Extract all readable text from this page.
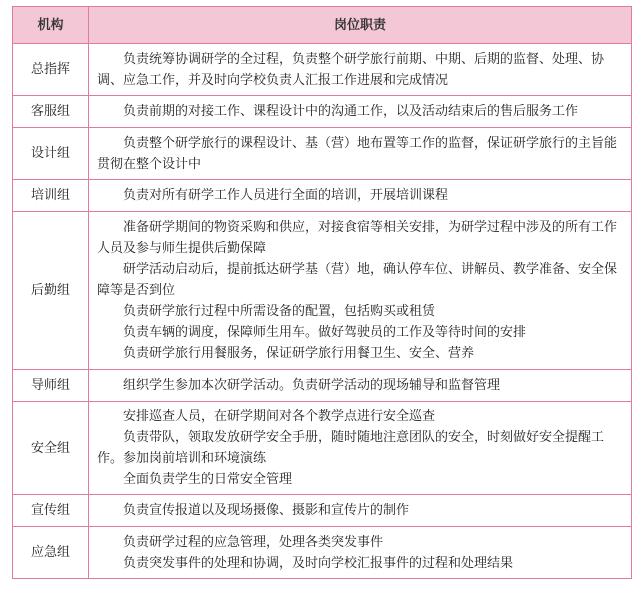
机构	岗位职责
总指挥	负责统筹协调研学的全过程，负责整个研学旅行前期、中期、后期的监督、处理、协调、应急工作，并及时向学校负责人汇报工作进展和完成情况

客服组	负责前期的对接工作、课程设计中的沟通工作，以及活动结束后的售后服务工作

设计组	负责整个研学旅行的课程设计、基（营）地布置等工作的监督，保证研学旅行的主旨能贯彻在整个设计中

培训组	负责对所有研学工作人员进行全面的培训，开展培训课程

后勤组	准备研学期间的物资采购和供应，对接食宿等相关安排，为研学过程中涉及的所有工作人员及参与师生提供后勤保障

研学活动启动后，提前抵达研学基（营）地，确认停车位、讲解员、教学准备、安全保障等是否到位

负责研学旅行过程中所需设备的配置，包括购买或租赁

负责车辆的调度，保障师生用车。做好驾驶员的工作及等待时间的安排

负责研学旅行用餐服务，保证研学旅行用餐卫生、安全、营养

导师组	组织学生参加本次研学活动。负责研学活动的现场辅导和监督管理

安全组	安排巡查人员，在研学期间对各个教学点进行安全巡查

负责带队，领取发放研学安全手册，随时随地注意团队的安全，时刻做好安全提醒工作。参加岗前培训和环境演练

全面负责学生的日常安全管理

宣传组	负责宣传报道以及现场摄像、摄影和宣传片的制作

应急组	负责研学过程的应急管理，处理各类突发事件

负责突发事件的处理和协调，及时向学校汇报事件的过程和处理结果
